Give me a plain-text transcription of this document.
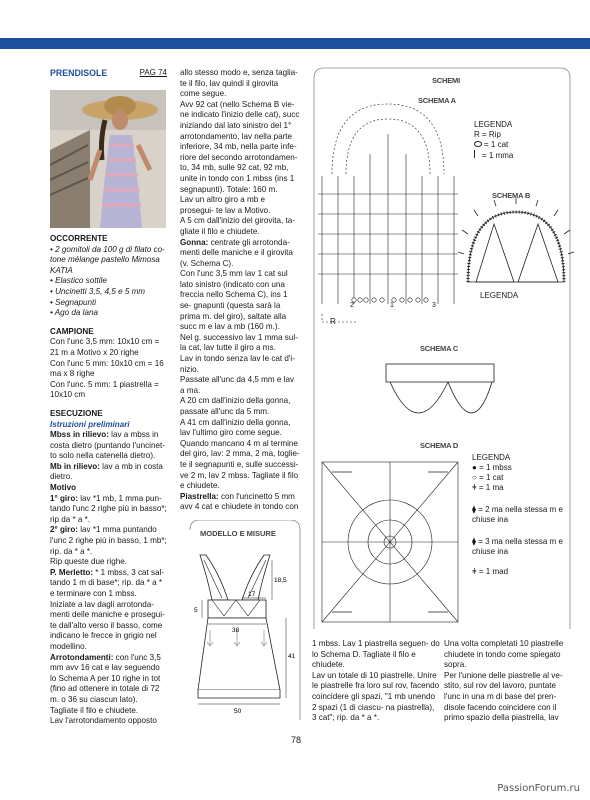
PRENDISOLE	PAG 74

OCCORRENTE

• 2 gomitoli da 100 g di filato co- tone mélange pastello Mimosa KATIA

• Elastico sottile

• Uncinetti 3,5, 4,5 e 5 mm

• Segnapunti

• Ago da lana

CAMPIONE

Con l'unc 3,5 mm: 10x10 cm = 21 m a Motivo x 20 righe

Con l'unc 5 mm: 10x10 cm = 16 ma x 8 righe

Con l'unc. 5 mm: 1 piastrella = 10x10 cm

ESECUZIONE

Istruzioni preliminari

Mbss in rilievo: lav a mbss in costa dietro (puntando l'uncinet- to solo nella catenella dietro).

Mb in rilievo: lav a mb in costa dietro.

Motivo

1° giro: lav *1 mb, 1 mma pun- tando l'unc 2 righe più in basso*; rip da * a *.

2° giro: lav *1 mma puntando l'unc 2 righe più in basso, 1 mb*; rip. da * a *.

Rip queste due righe.

P. Merletto: * 1 mbss, 3 cat sal- tando 1 m di base*; rip. da * a * e terminare con 1 mbss.

Iniziate a lav dagli arrotonda- menti delle maniche e prosegui- te dall'alto verso il basso, come indicano le frecce in grigio nel modellino.

Arrotondamenti: con l'unc 3,5 mm avv 16 cat e lav seguendo lo Schema A per 10 righe in tot (fino ad ottenere in totale di 72 m. o 36 su ciascun lato). Tagliate il filo e chiudete.

Lav l'arrotondamento opposto

allo stesso modo e, senza taglia- te il filo, lav quindi il girovita come segue.

Avv 92 cat (nello Schema B vie- ne indicato l'inizio delle cat), succ iniziando dal lato sinistro del 1° arrotondamento, lav nella parte inferiore, 34 mb, nella parte infe- riore del secondo arrotondamen- to, 34 mb, sulle 92 cat, 92 mb, unite in tondo con 1 mbss (ins 1 segnapunti). Totale: 160 m.

Lav un altro giro a mb e prosegui- te lav a Motivo.

A 5 cm dall'inizio del girovita, ta- gliate il filo e chiudete.

Gonna: centrate gli arrotonda- menti delle maniche e il girovita (v. Schema C).

Con l'unc 3,5 mm lav 1 cat sul lato sinistro (indicato con una frecciа nello Schema C), ins 1 se- gnapunti (questa sarà la prima m. del giro), saltate alla succ m e lav a mb (160 m.).

Nel g. successivo lav 1 mma sul- la cat, lav tutte il giro a ms.

Lav in tondo senza lav le cat d'i- nizio.

Passate all'unc da 4,5 mm e lav a ma.

A 20 cm dall'inizio della gonna, passate all'unc da 5 mm.

A 41 cm dall'inizio della gonna, lav l'ultimo giro come segue.

Quando mancano 4 m al termine del giro, lav: 2 mma, 2 ma, toglie- te il segnapunti e, sulle successi- ve 2 m, lav 2 mbss. Tagliate il filo e chiudete.

Piastrella: con l'uncinetto 5 mm avv 4 cat e chiudete in tondo con

MODELLO E MISURE
18,5
17
5
38
41
50

1 mbss. Lav 1 piastrella seguen- do lo Schema D. Tagliate il filo e chiudete.

Lav un totale di 10 piastrelle. Unire le piastrelle fra loro sul rov, facendo coincidere gli spazi, "1 mb unendo 2 spazi (1 di ciascu- na piastrella), 3 cat"; rip. da * a *.

Una volta completati 10 piastrelle chiudete in tondo come spiegato sopra.

Per l'unione delle piastrelle al ve- stito, sul rov del lavoro, puntate l'unc in una m di base del pren- disole facendo coincidere con il primo spazio della piastrella, lav

SCHEMI
SCHEMA A
SCHEMA B
SCHEMA C
SCHEMA D
R
2	1	3
LEGENDA
R = Rip
= 1 cat
= 1 mma
LEGENDA
LEGENDA
● = 1 mbss
○ = 1 cat
ǂ = 1 ma
⧫ = 2 ma nella stessa m e chiuse ina
⧫ = 3 ma nella stessa m e chiuse ina
ǂ = 1 mad
78
PassionForum.ru
